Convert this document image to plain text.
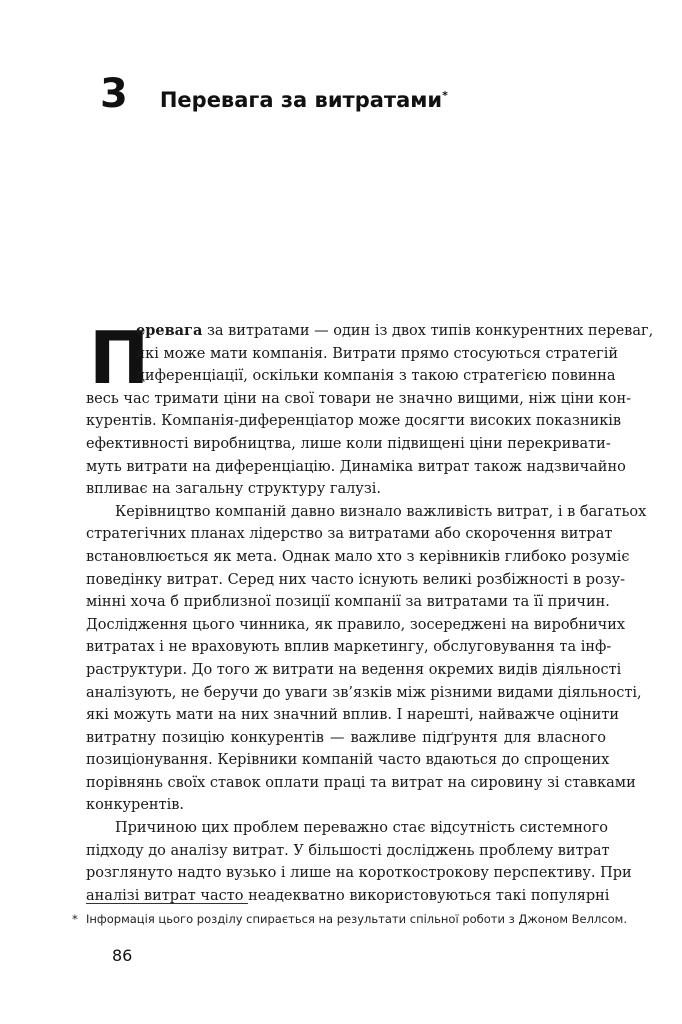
3 Перевага за витратами*
П
еревага за витратами — один із двох типів конкурентних переваг,
які може мати компанія. Витрати прямо стосуються стратегій
диференціації, оскільки компанія з такою стратегією повинна
весь час тримати ціни на свої товари не значно вищими, ніж ціни кон-
курентів. Компанія-диференціатор може досягти високих показників
ефективності виробництва, лише коли підвищені ціни перекривати-
муть витрати на диференціацію. Динаміка витрат також надзвичайно
впливає на загальну структуру галузі.
Керівництво компаній давно визнало важливість витрат, і в багатьох
стратегічних планах лідерство за витратами або скорочення витрат
встановлюється як мета. Однак мало хто з керівників глибоко розуміє
поведінку витрат. Серед них часто існують великі розбіжності в розу-
мінні хоча б приблизної позиції компанії за витратами та її причин.
Дослідження цього чинника, як правило, зосереджені на виробничих
витратах і не враховують вплив маркетингу, обслуговування та інф-
раструктури. До того ж витрати на ведення окремих видів діяльності
аналізують, не беручи до уваги зв’язків між різними видами діяльності,
які можуть мати на них значний вплив. І нарешті, найважче оцінити
витратну позицію конкурентів — важливе підґрунтя для власного
позиціонування. Керівники компаній часто вдаються до спрощених
порівнянь своїх ставок оплати праці та витрат на сировину зі ставками
конкурентів.
Причиною цих проблем переважно стає відсутність системного
підходу до аналізу витрат. У більшості досліджень проблему витрат
розглянуто надто вузько і лише на короткострокову перспективу. При
аналізі витрат часто неадекватно використовуються такі популярні
* Інформація цього розділу спирається на результати спільної роботи з Джоном Веллсом.
86
